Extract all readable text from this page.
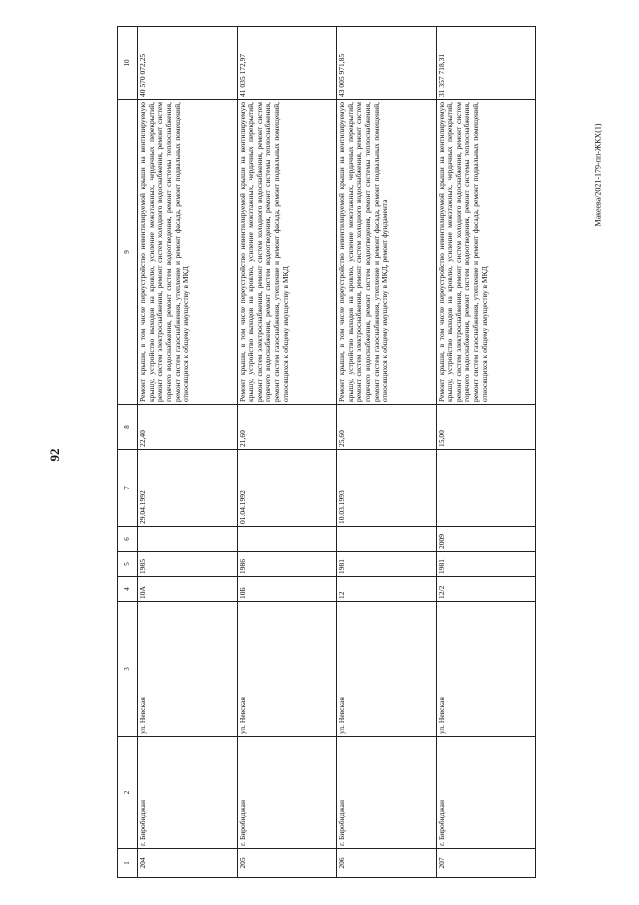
92
Макеева/2021-179-пп-ЖКХ(1)
1	2	3	4	5	6	7	8	9	10
204	г. Биробиджан	ул. Невская	10А	1985		29.04.1992	22,40	Ремонт крыши, в том числе переустройство невентилируемой крыши на вентилируемую крышу, устройство выходов на кровлю, усиление межэтажных, чердачных перекрытий, ремонт систем электроснабжения, ремонт систем холодного водоснабжения, ремонт систем горячего водоснабжения, ремонт систем водоотведения, ремонт системы теплоснабжения, ремонт систем газоснабжения, утепление и ремонт фасада, ремонт подвальных помещений, относящихся к общему имуществу в МКД	40 570 072,25
205	г. Биробиджан	ул. Невская	10Б	1986		01.04.1992	21,60	Ремонт крыши, в том числе переустройство невентилируемой крыши на вентилируемую крышу, устройство выходов на кровлю, усиление межэтажных, чердачных перекрытий, ремонт систем электроснабжения, ремонт систем холодного водоснабжения, ремонт систем горячего водоснабжения, ремонт систем водоотведения, ремонт системы теплоснабжения, ремонт систем газоснабжения, утепление и ремонт фасада, ремонт подвальных помещений, относящихся к общему имуществу в МКД	41 035 172,97
206	г. Биробиджан	ул. Невская	12	1981		10.03.1993	25,60	Ремонт крыши, в том числе переустройство невентилируемой крыши на вентилируемую крышу, устройство выходов на кровлю, усиление межэтажных, чердачных перекрытий, ремонт систем электроснабжения, ремонт систем холодного водоснабжения, ремонт систем горячего водоснабжения, ремонт систем водоотведения, ремонт системы теплоснабжения, ремонт систем газоснабжения, утепление и ремонт фасада, ремонт подвальных помещений, относящихся к общему имуществу в МКД, ремонт фундамента	43 005 971,85
207	г. Биробиджан	ул. Невская	12/2	1981	2009		15,00	Ремонт крыши, в том числе переустройство невентилируемой крыши на вентилируемую крышу, устройство выходов на кровлю, усиление межэтажных, чердачных перекрытий, ремонт систем электроснабжения, ремонт систем холодного водоснабжения, ремонт систем горячего водоснабжения, ремонт систем водоотведения, ремонт системы теплоснабжения, ремонт систем газоснабжения, утепление и ремонт фасада, ремонт подвальных помещений, относящихся к общему имуществу в МКД	31 357 718,31
